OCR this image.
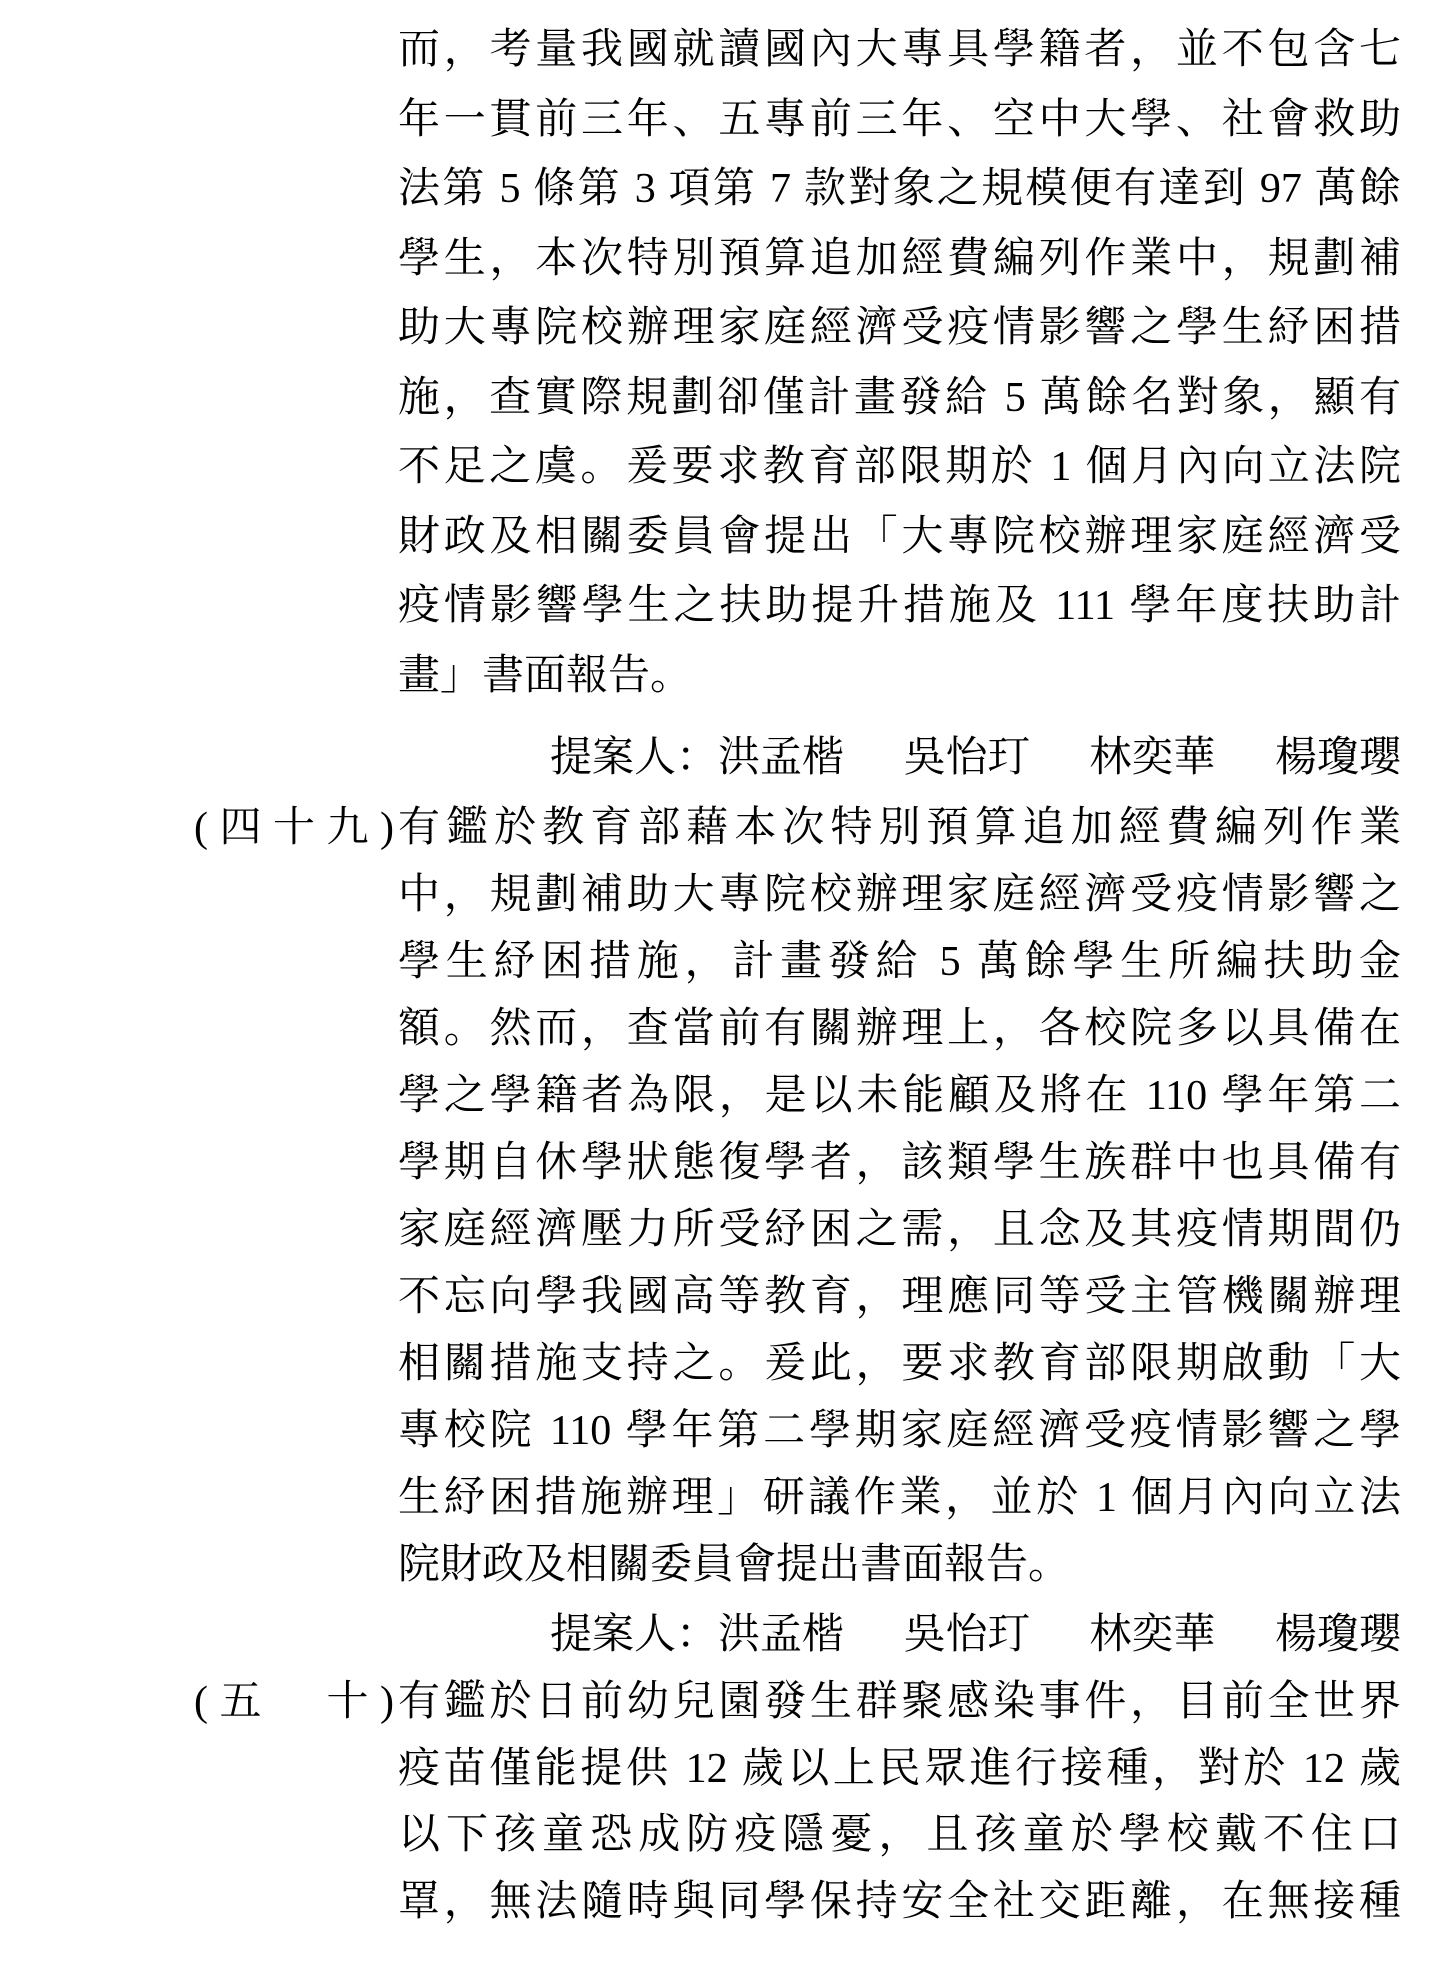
而，考量我國就讀國內大專具學籍者，並不包含七
年一貫前三年、五專前三年、空中大學、社會救助
法第 5 條第 3 項第 7 款對象之規模便有達到 97 萬餘
學生，本次特別預算追加經費編列作業中，規劃補
助大專院校辦理家庭經濟受疫情影響之學生紓困措
施，查實際規劃卻僅計畫發給 5 萬餘名對象，顯有
不足之虞。爰要求教育部限期於 1 個月內向立法院
財政及相關委員會提出「大專院校辦理家庭經濟受
疫情影響學生之扶助提升措施及 111 學年度扶助計
畫」書面報告。
提案人：洪孟楷 吳怡玎 林奕華 楊瓊瓔
(四十九) 有鑑於教育部藉本次特別預算追加經費編列作業
中，規劃補助大專院校辦理家庭經濟受疫情影響之
學生紓困措施，計畫發給 5 萬餘學生所編扶助金
額。然而，查當前有關辦理上，各校院多以具備在
學之學籍者為限，是以未能顧及將在 110 學年第二
學期自休學狀態復學者，該類學生族群中也具備有
家庭經濟壓力所受紓困之需，且念及其疫情期間仍
不忘向學我國高等教育，理應同等受主管機關辦理
相關措施支持之。爰此，要求教育部限期啟動「大
專校院 110 學年第二學期家庭經濟受疫情影響之學
生紓困措施辦理」研議作業，並於 1 個月內向立法
院財政及相關委員會提出書面報告。
提案人：洪孟楷 吳怡玎 林奕華 楊瓊瓔
(五　十) 有鑑於日前幼兒園發生群聚感染事件，目前全世界
疫苗僅能提供 12 歲以上民眾進行接種，對於 12 歲
以下孩童恐成防疫隱憂，且孩童於學校戴不住口
罩，無法隨時與同學保持安全社交距離，在無接種
